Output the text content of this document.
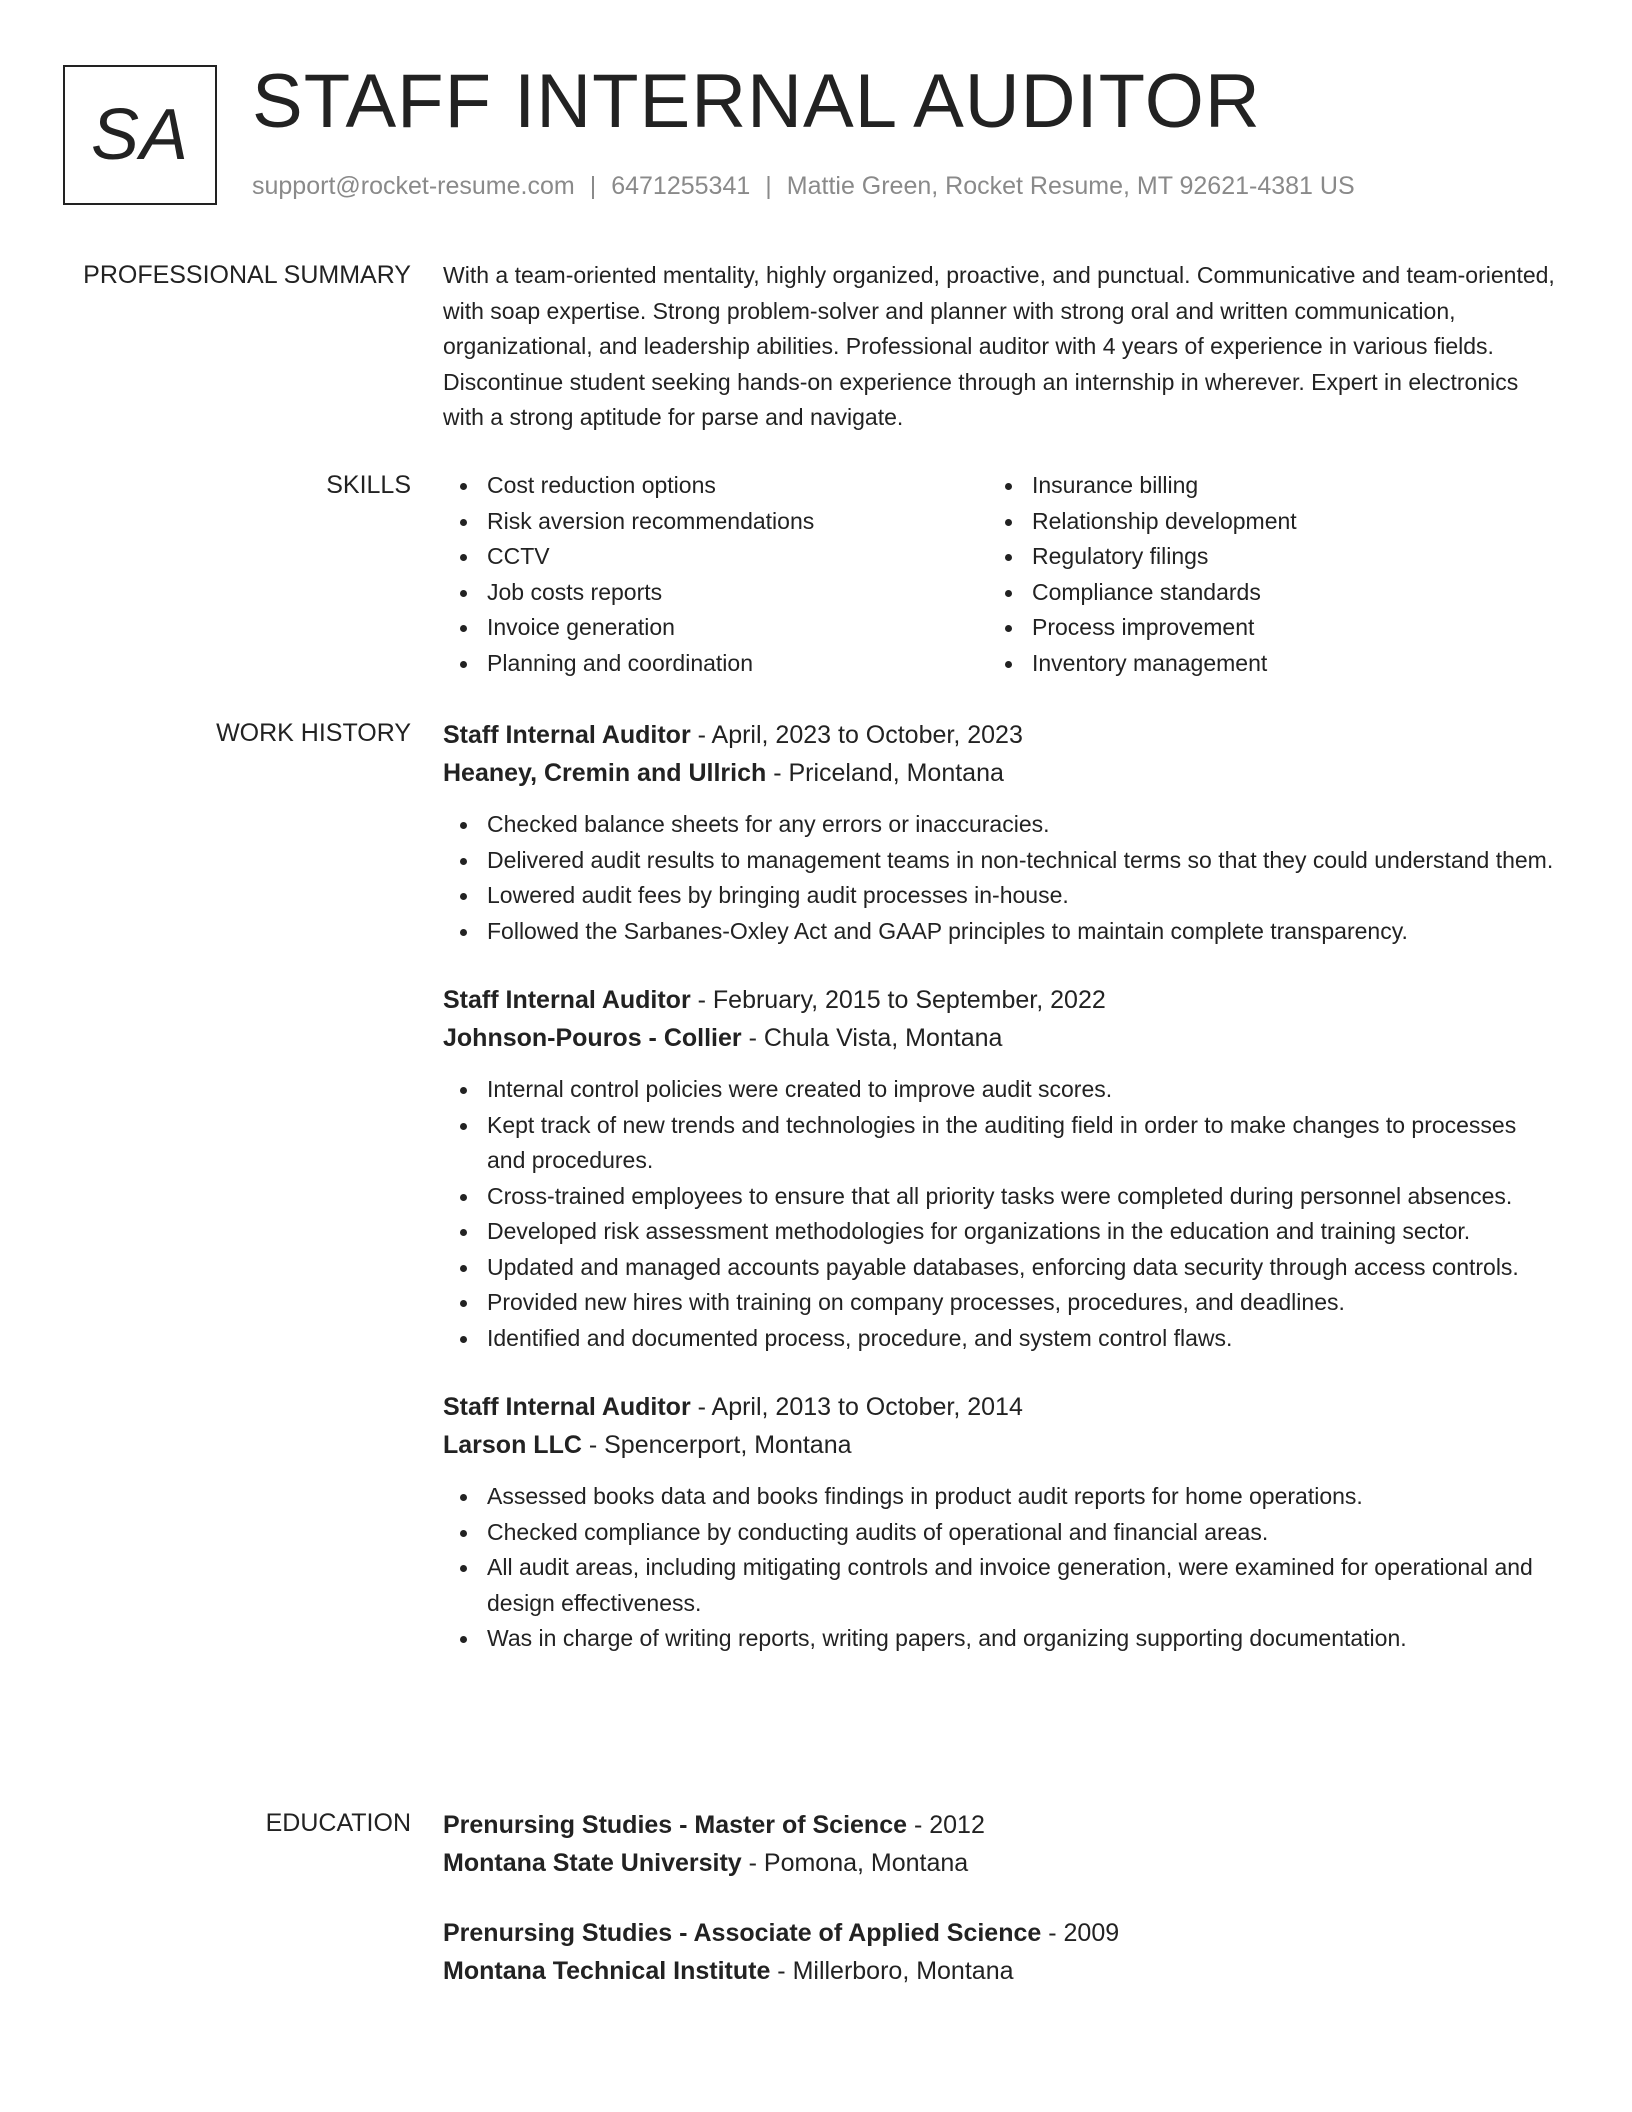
SA STAFF INTERNAL AUDITOR
support@rocket-resume.com | 6471255341 | Mattie Green, Rocket Resume, MT 92621-4381 US
PROFESSIONAL SUMMARY With a team-oriented mentality, highly organized, proactive, and punctual. Communicative and team-oriented, with soap expertise. Strong problem-solver and planner with strong oral and written communication, organizational, and leadership abilities. Professional auditor with 4 years of experience in various fields. Discontinue student seeking hands-on experience through an internship in wherever. Expert in electronics with a strong aptitude for parse and navigate.
SKILLS	Cost reduction options
Risk aversion recommendations
CCTV
Job costs reports
Invoice generation
Planning and coordination
Insurance billing
Relationship development
Regulatory filings
Compliance standards
Process improvement
Inventory management
WORK HISTORY Staff Internal Auditor - April, 2023 to October, 2023
Heaney, Cremin and Ullrich - Priceland, Montana
Checked balance sheets for any errors or inaccuracies.
Delivered audit results to management teams in non-technical terms so that they could understand them.
Lowered audit fees by bringing audit processes in-house.
Followed the Sarbanes-Oxley Act and GAAP principles to maintain complete transparency.
Staff Internal Auditor - February, 2015 to September, 2022
Johnson-Pouros - Collier - Chula Vista, Montana
Internal control policies were created to improve audit scores.
Kept track of new trends and technologies in the auditing field in order to make changes to processes and procedures.
Cross-trained employees to ensure that all priority tasks were completed during personnel absences.
Developed risk assessment methodologies for organizations in the education and training sector.
Updated and managed accounts payable databases, enforcing data security through access controls.
Provided new hires with training on company processes, procedures, and deadlines.
Identified and documented process, procedure, and system control flaws.
Staff Internal Auditor - April, 2013 to October, 2014
Larson LLC - Spencerport, Montana
Assessed books data and books findings in product audit reports for home operations.
Checked compliance by conducting audits of operational and financial areas.
All audit areas, including mitigating controls and invoice generation, were examined for operational and design effectiveness.
Was in charge of writing reports, writing papers, and organizing supporting documentation.
EDUCATION Prenursing Studies - Master of Science - 2012
Montana State University - Pomona, Montana
Prenursing Studies - Associate of Applied Science - 2009
Montana Technical Institute - Millerboro, Montana
